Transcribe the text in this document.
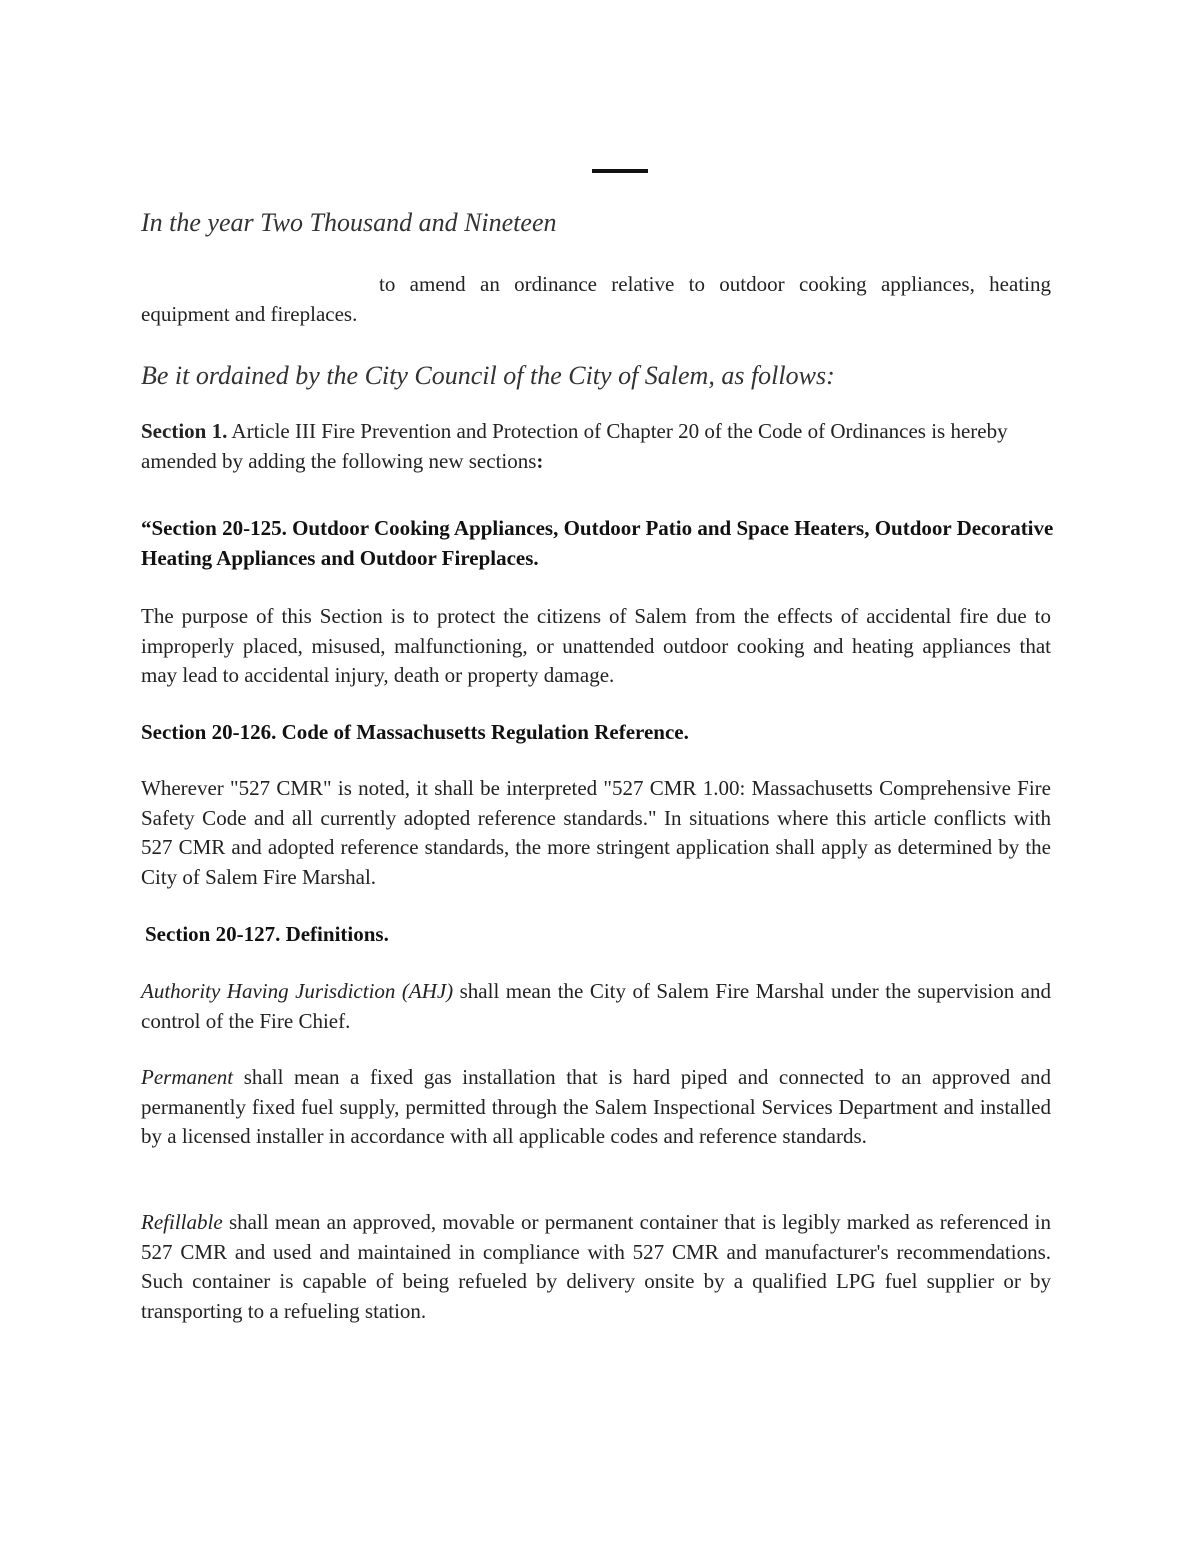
In the year Two Thousand and Nineteen
to amend an ordinance relative to outdoor cooking appliances, heating equipment and fireplaces.
Be it ordained by the City Council of the City of Salem, as follows:
Section 1. Article III Fire Prevention and Protection of Chapter 20 of the Code of Ordinances is hereby amended by adding the following new sections:
“Section 20-125. Outdoor Cooking Appliances, Outdoor Patio and Space Heaters, Outdoor Decorative Heating Appliances and Outdoor Fireplaces.
The purpose of this Section is to protect the citizens of Salem from the effects of accidental fire due to improperly placed, misused, malfunctioning, or unattended outdoor cooking and heating appliances that may lead to accidental injury, death or property damage.
Section 20-126. Code of Massachusetts Regulation Reference.
Wherever "527 CMR" is noted, it shall be interpreted "527 CMR 1.00: Massachusetts Comprehensive Fire Safety Code and all currently adopted reference standards." In situations where this article conflicts with 527 CMR and adopted reference standards, the more stringent application shall apply as determined by the City of Salem Fire Marshal.
Section 20-127. Definitions.
Authority Having Jurisdiction (AHJ) shall mean the City of Salem Fire Marshal under the supervision and control of the Fire Chief.
Permanent shall mean a fixed gas installation that is hard piped and connected to an approved and permanently fixed fuel supply, permitted through the Salem Inspectional Services Department and installed by a licensed installer in accordance with all applicable codes and reference standards.
Refillable shall mean an approved, movable or permanent container that is legibly marked as referenced in 527 CMR and used and maintained in compliance with 527 CMR and manufacturer's recommendations. Such container is capable of being refueled by delivery onsite by a qualified LPG fuel supplier or by transporting to a refueling station.
